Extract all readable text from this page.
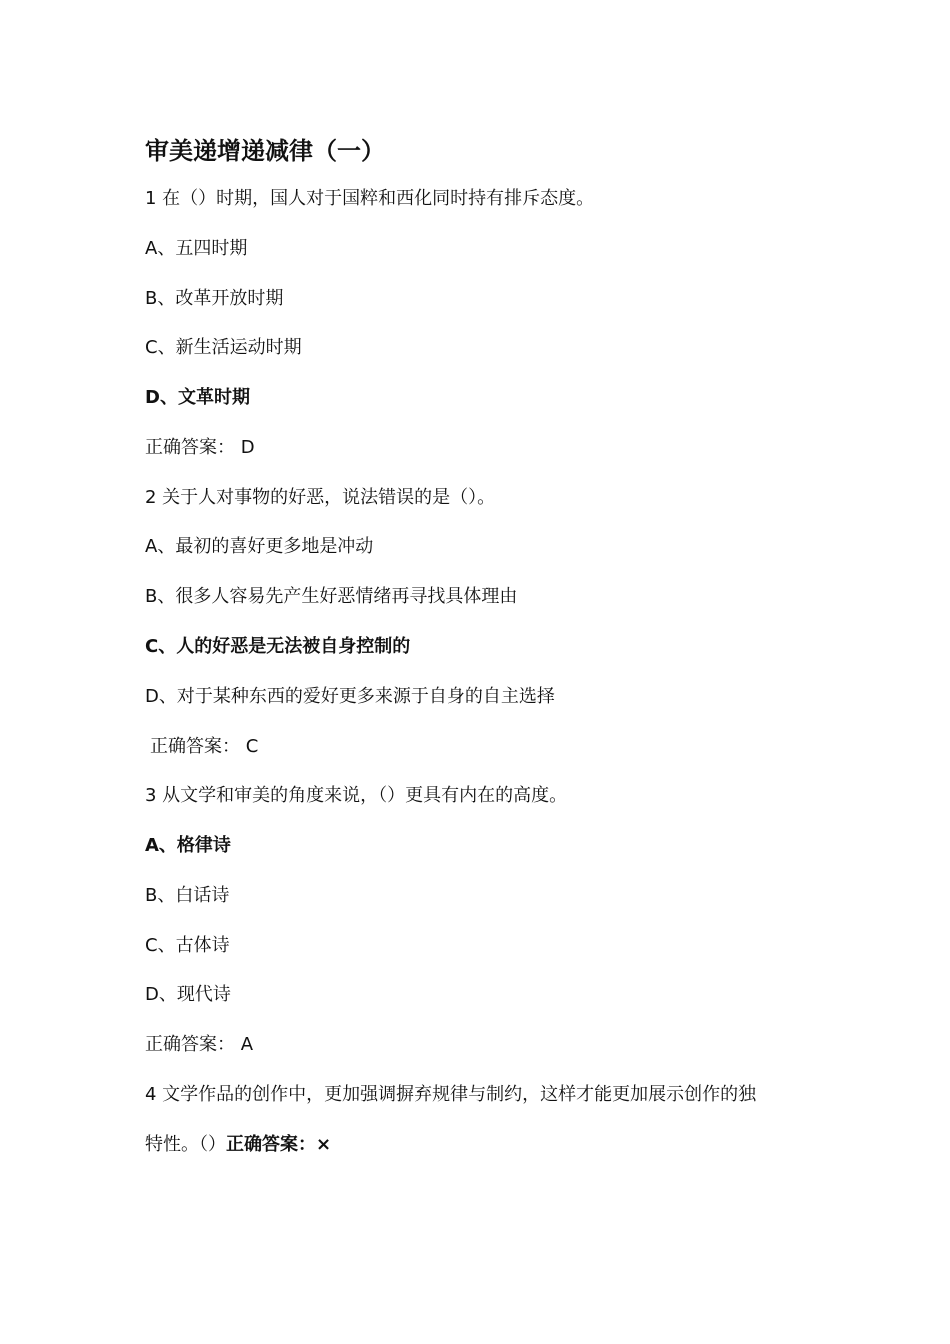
审美递增递减律（一）
1 在（）时期，国人对于国粹和西化同时持有排斥态度。
A、五四时期
B、改革开放时期
C、新生活运动时期
D、文革时期
正确答案： D
2 关于人对事物的好恶，说法错误的是（）。
A、最初的喜好更多地是冲动
B、很多人容易先产生好恶情绪再寻找具体理由
C、人的好恶是无法被自身控制的
D、对于某种东西的爱好更多来源于自身的自主选择
正确答案： C
3 从文学和审美的角度来说，（）更具有内在的高度。
A、格律诗
B、白话诗
C、古体诗
D、现代诗
正确答案： A
4 文学作品的创作中，更加强调摒弃规律与制约，这样才能更加展示创作的独
特性。（）正确答案：×
